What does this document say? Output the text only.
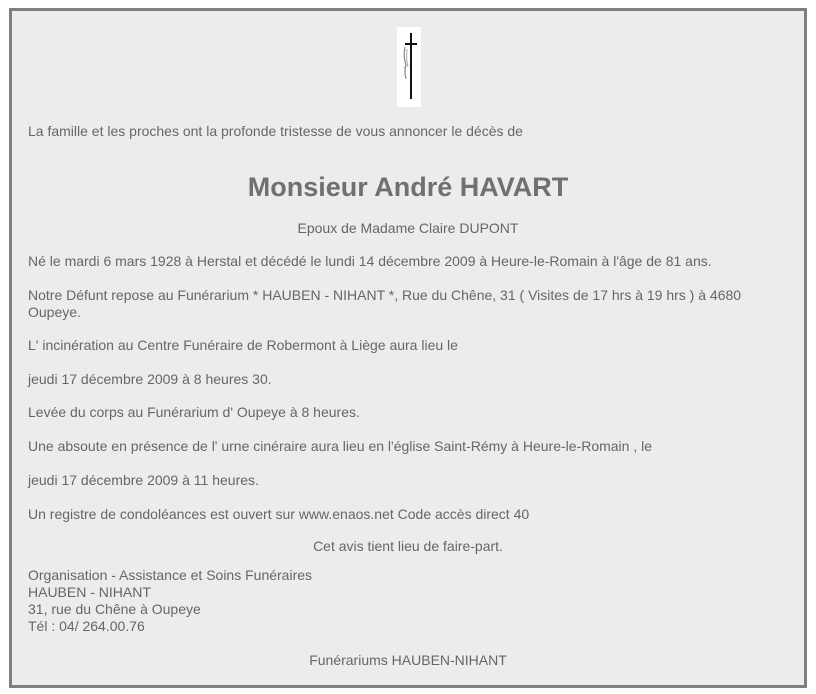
La famille et les proches ont la profonde tristesse de vous annoncer le décès de

Monsieur André HAVART

Epoux de Madame Claire DUPONT

Né le mardi 6 mars 1928 à Herstal et décédé le lundi 14 décembre 2009 à Heure-le-Romain à l'âge de 81 ans.

Notre Défunt repose au Funérarium * HAUBEN - NIHANT *, Rue du Chêne, 31 ( Visites de 17 hrs à 19 hrs ) à 4680 Oupeye.

L' incinération au Centre Funéraire de Robermont à Liège aura lieu le

jeudi 17 décembre 2009 à 8 heures 30.

Levée du corps au Funérarium d' Oupeye à 8 heures.

Une absoute en présence de l' urne cinéraire aura lieu en l'église Saint-Rémy à Heure-le-Romain , le

jeudi 17 décembre 2009 à 11 heures.

Un registre de condoléances est ouvert sur www.enaos.net Code accès direct 40

Cet avis tient lieu de faire-part.

Organisation - Assistance et Soins Funéraires
HAUBEN - NIHANT
31, rue du Chêne à Oupeye
Tél : 04/ 264.00.76

Funérariums HAUBEN-NIHANT
